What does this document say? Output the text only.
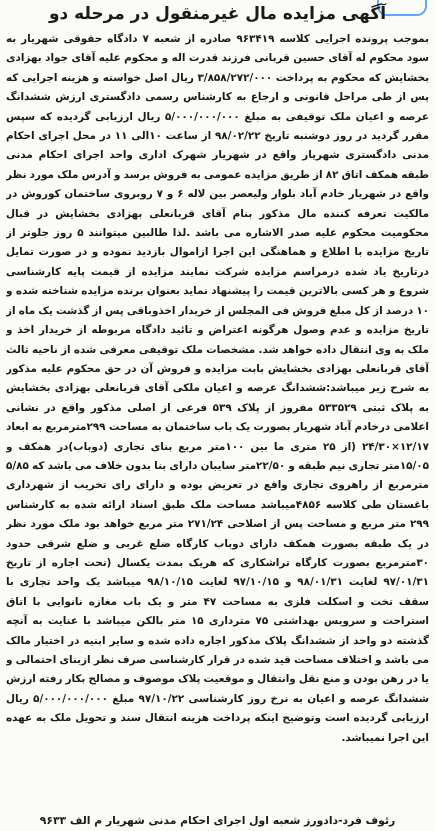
آگهی مزایده مال غیرمنقول در مرحله دو
بموجب پرونده اجرایی کلاسه ۹۶۳۴۱۹ صادره از شعبه ۷ دادگاه حقوقی شهریار به سود محکوم له آقای حسین قربانی فرزند قدرت اله و محکوم علیه آقای جواد بهزادی بخشایش که محکوم به پرداخت ۳/۸۵۸/۲۷۲/۰۰۰ ریال اصل خواسته و هزینه اجرایی که پس از طی مراحل قانونی و ارجاع به کارشناس رسمی دادگستری ارزش ششدانگ عرصه و اعیان ملک توقیفی به مبلغ ۵/۰۰۰/۰۰۰/۰۰۰ ریال ارزیابی گردیده که سپس مقرر گردید در روز دوشنبه تاریخ ۹۸/۰۲/۲۲ از ساعت ۱۰الی ۱۱ در محل اجرای احکام مدنی دادگستری شهریار واقع در شهریار شهرک اداری واحد اجرای احکام مدنی طبقه همکف اتاق ۸۲ از طریق مزایده عمومی به فروش برسد و آدرس ملک مورد نظر واقع در شهریار خادم آباد بلوار ولیعصر بین لاله ۶ و ۷ روبروی ساختمان کوروش در مالکیت تعرفه کننده مال مذکور بنام آقای قربانعلی بهزادی بخشایش در قبال محکومیت محکوم علیه صدر الاشاره می باشد .لذا طالبین میتوانند ۵ روز جلوتر از تاریخ مزایده با اطلاع و هماهنگی این اجرا ازاموال بازدید نموده و در صورت تمایل درتاریخ یاد شده درمراسم مزایده شرکت نمایند مزایده از قیمت پایه کارشناسی شروع و هر کسی بالاترین قیمت را پیشنهاد نماید بعنوان برنده مزایده شناخته شده و ۱۰ درصد از کل مبلغ فروش فی المجلس از خریدار اخذوباقی پس از گذشت یک ماه از تاریخ مزایده و عدم وصول هرگونه اعتراض و تائید دادگاه مربوطه از خریدار اخذ و ملک به وی انتقال داده خواهد شد. مشخصات ملک توقیفی معرفی شده از ناحیه ثالث آقای قربانعلی بهزادی بخشایش بابت مزایده و فروش آن در حق محکوم علیه مذکور به شرح زیر میباشد:ششدانگ عرصه و اعیان ملکی آقای قربانعلی بهزادی بخشایش به پلاک ثبتی ۵۳۳۵۲۹ مفروز از پلاک ۵۳۹ فرعی از اصلی مذکور واقع در نشانی اعلامی درخادم آباد شهریار بصورت یک باب ساختمان به مساحت ۲۹۹مترمربع به ابعاد ۱۲/۱۷×۲۴/۳۰ (از ۲۵ متری ما بین ۱۰۰متر مربع بنای تجاری (دوباب)در همکف و ۱۵/۰۵متر تجاری نیم طبقه و ۲۲/۵۰متر سایبان دارای بنا بدون خلاف می باشد که ۵/۸۵ مترمربع از راهروی تجاری واقع در تعریض بوده و دارای رای تخریب از شهرداری باغستان طی کلاسه ۴۸۵۶میباشد مساحت ملک طبق اسناد ارائه شده به کارشناس ۲۹۹ متر مربع و مساحت پس از اصلاحی ۲۷۱/۲۴ متر مربع خواهد بود ملک مورد نظر در یک طبقه بصورت همکف دارای دوباب کارگاه ضلع غربی و ضلع شرقی حدود ۳۰مترمربع بصورت کارگاه تراشکاری که هریک بمدت یکسال (تحت اجاره از تاریخ ۹۷/۰۱/۳۱ لغایت ۹۸/۰۱/۳۱ و ۹۷/۱۰/۱۵ لغایت ۹۸/۱۰/۱۵ میباشد یک واحد تجاری با سقف تخت و اسکلت فلزی به مساحت ۴۷ متر و یک باب مغازه نانوایی با اتاق استراحت و سرویس بهداشتی ۷۵ مترداری ۱۵ متر بالکن میباشد با عنایت به آنچه گذشته دو واحد از ششدانگ پلاک مذکور اجاره داده شده و سایر ابنیه در اختیار مالک می باشد و اختلاف مساحت قید شده در قرار کارشناسی صرف نظر ازبنای احتمالی و یا در رهن بودن و منع نقل وانتقال و موقعیت پلاک موصوف و مصالح بکار رفته ارزش ششدانگ عرصه و اعیان به نرخ روز کارشناسی ۹۷/۱۰/۲۲ مبلغ ۵/۰۰۰/۰۰۰/۰۰۰ ریال ارزیابی گردیده است وتوضیح اینکه پرداخت هزینه انتقال سند و تحویل ملک به عهده این اجرا نمیباشد.
رئوف فرد-دادورز شعبه اول اجرای احکام مدنی شهریار م الف ۹۶۳۳
